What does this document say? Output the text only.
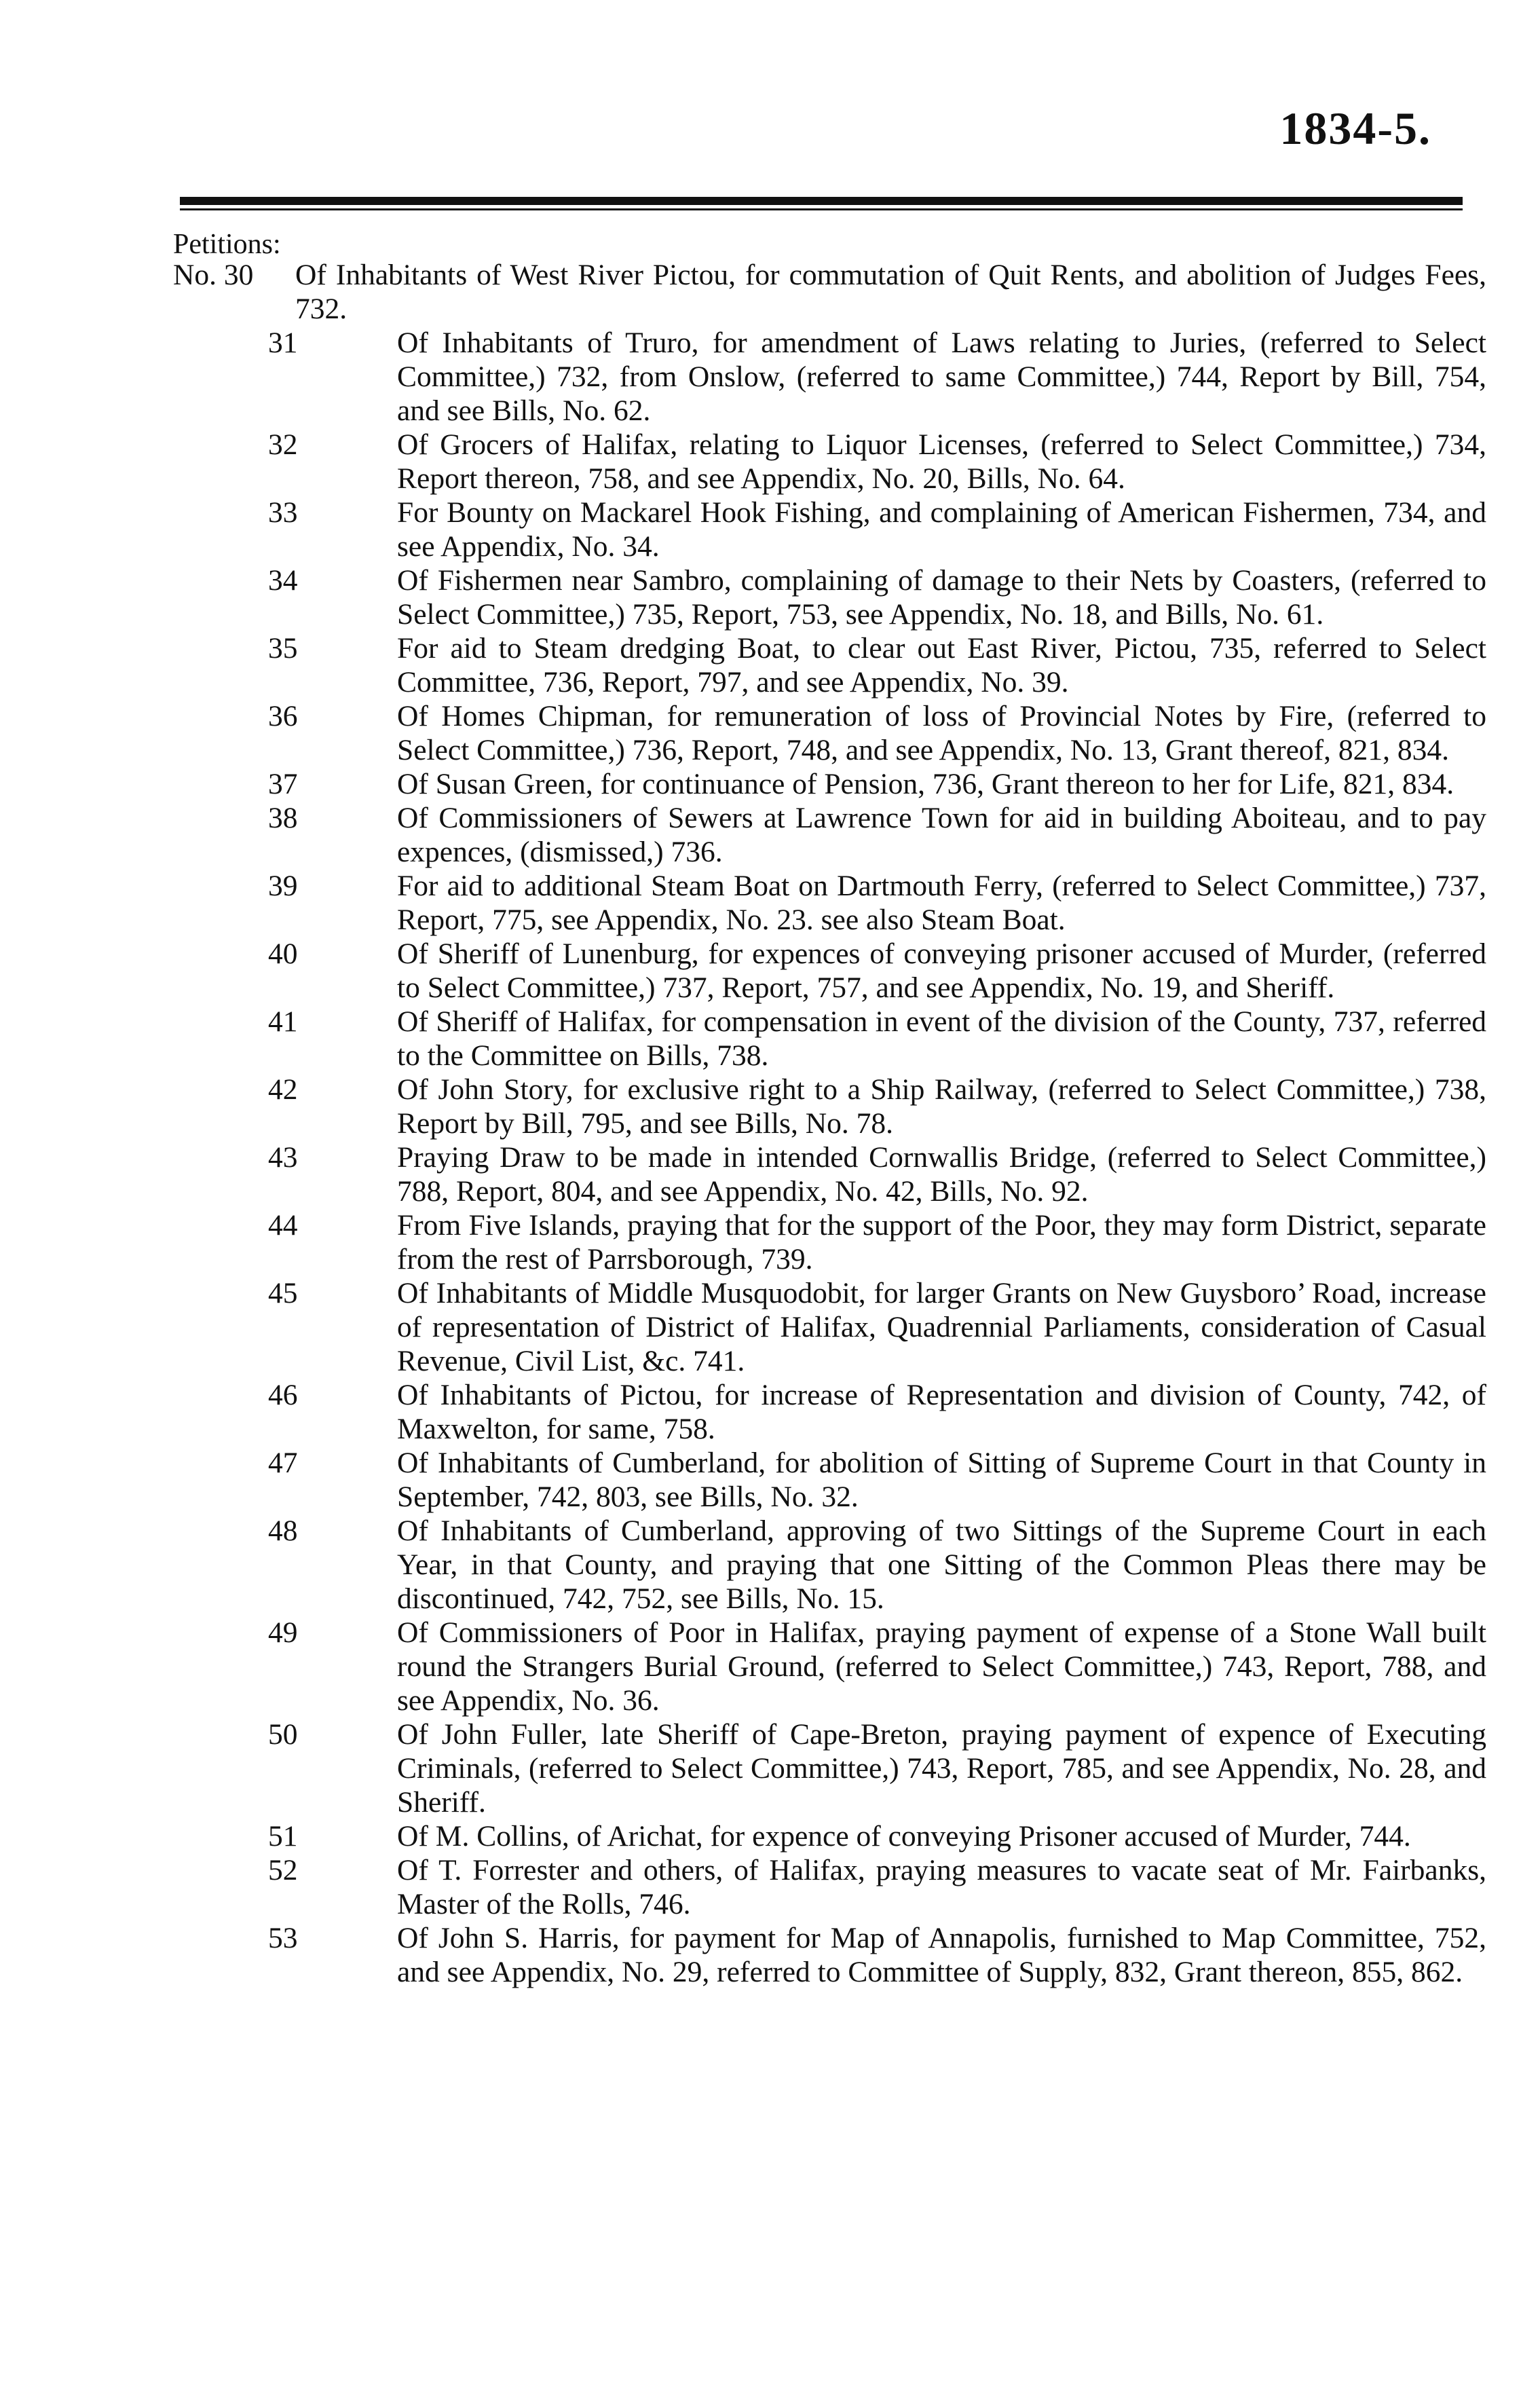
1834-5.
Petitions:
No. 30 Of Inhabitants of West River Pictou, for commutation of Quit Rents, and abolition of Judges Fees, 732.
31	Of Inhabitants of Truro, for amendment of Laws relating to Juries, (referred to Select Committee,) 732, from Onslow, (referred to same Committee,) 744, Report by Bill, 754, and see Bills, No. 62.
32	Of Grocers of Halifax, relating to Liquor Licenses, (referred to Select Committee,) 734, Report thereon, 758, and see Appendix, No. 20, Bills, No. 64.
33	For Bounty on Mackarel Hook Fishing, and complaining of American Fishermen, 734, and see Appendix, No. 34.
34	Of Fishermen near Sambro, complaining of damage to their Nets by Coasters, (referred to Select Committee,) 735, Report, 753, see Appendix, No. 18, and Bills, No. 61.
35	For aid to Steam dredging Boat, to clear out East River, Pictou, 735, referred to Select Committee, 736, Report, 797, and see Appendix, No. 39.
36	Of Homes Chipman, for remuneration of loss of Provincial Notes by Fire, (referred to Select Committee,) 736, Report, 748, and see Appendix, No. 13, Grant thereof, 821, 834.
37	Of Susan Green, for continuance of Pension, 736, Grant thereon to her for Life, 821, 834.
38	Of Commissioners of Sewers at Lawrence Town for aid in building Aboiteau, and to pay expences, (dismissed,) 736.
39	For aid to additional Steam Boat on Dartmouth Ferry, (referred to Select Committee,) 737, Report, 775, see Appendix, No. 23. see also Steam Boat.
40	Of Sheriff of Lunenburg, for expences of conveying prisoner accused of Murder, (referred to Select Committee,) 737, Report, 757, and see Appendix, No. 19, and Sheriff.
41	Of Sheriff of Halifax, for compensation in event of the division of the County, 737, referred to the Committee on Bills, 738.
42	Of John Story, for exclusive right to a Ship Railway, (referred to Select Committee,) 738, Report by Bill, 795, and see Bills, No. 78.
43	Praying Draw to be made in intended Cornwallis Bridge, (referred to Select Committee,) 788, Report, 804, and see Appendix, No. 42, Bills, No. 92.
44	From Five Islands, praying that for the support of the Poor, they may form District, separate from the rest of Parrsborough, 739.
45	Of Inhabitants of Middle Musquodobit, for larger Grants on New Guysboro’ Road, increase of representation of District of Halifax, Quadrennial Parliaments, consideration of Casual Revenue, Civil List, &c. 741.
46	Of Inhabitants of Pictou, for increase of Representation and division of County, 742, of Maxwelton, for same, 758.
47	Of Inhabitants of Cumberland, for abolition of Sitting of Supreme Court in that County in September, 742, 803, see Bills, No. 32.
48	Of Inhabitants of Cumberland, approving of two Sittings of the Supreme Court in each Year, in that County, and praying that one Sitting of the Common Pleas there may be discontinued, 742, 752, see Bills, No. 15.
49	Of Commissioners of Poor in Halifax, praying payment of expense of a Stone Wall built round the Strangers Burial Ground, (referred to Select Committee,) 743, Report, 788, and see Appendix, No. 36.
50	Of John Fuller, late Sheriff of Cape-Breton, praying payment of expence of Executing Criminals, (referred to Select Committee,) 743, Report, 785, and see Appendix, No. 28, and Sheriff.
51	Of M. Collins, of Arichat, for expence of conveying Prisoner accused of Murder, 744.
52	Of T. Forrester and others, of Halifax, praying measures to vacate seat of Mr. Fairbanks, Master of the Rolls, 746.
53	Of John S. Harris, for payment for Map of Annapolis, furnished to Map Committee, 752, and see Appendix, No. 29, referred to Committee of Supply, 832, Grant thereon, 855, 862.
